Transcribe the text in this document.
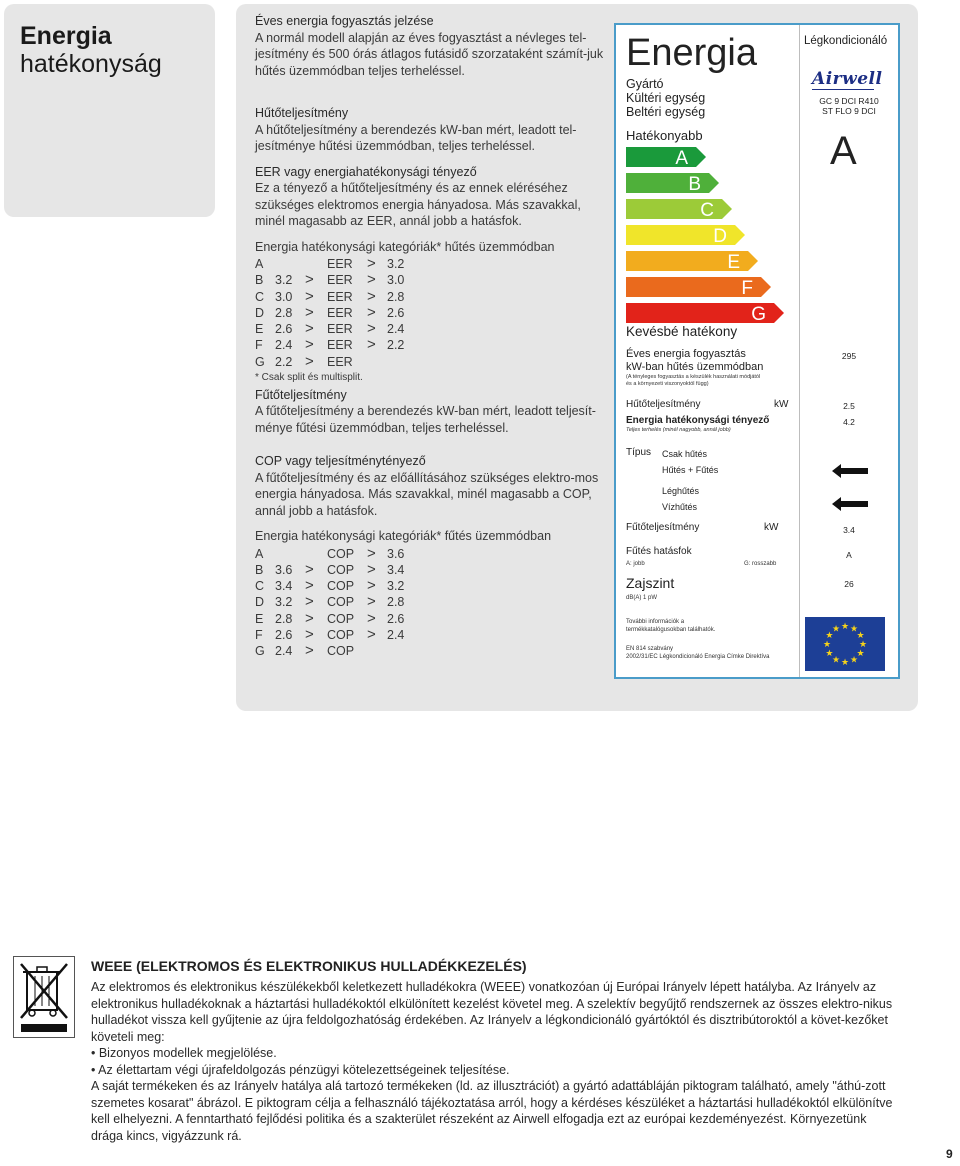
Energia
hatékonyság

Éves energia fogyasztás jelzése

A normál modell alapján az éves fogyasztást a névleges tel-jesítmény és 500 órás átlagos futásidő szorzataként számít-juk hűtés üzemmódban teljes terheléssel.

Hűtőteljesítmény

A hűtőteljesítmény a berendezés kW-ban mért, leadott tel-jesítménye hűtési üzemmódban, teljes terheléssel.

EER vagy energiahatékonysági tényező

Ez a tényező a hűtőteljesítmény és az ennek eléréséhez szükséges elektromos energia hányadosa. Más szavakkal, minél magasabb az EER, annál jobb a hatásfok.

Energia hatékonysági kategóriák* hűtés üzemmódban

A	EER > 3.2
B 3.2 >	EER > 3.0
C 3.0 >	EER > 2.8
D 2.8 >	EER > 2.6
E 2.6 >	EER > 2.4
F 2.4 >	EER > 2.2
G 2.2 >	EER

* Csak split és multisplit.

Fűtőteljesítmény

A fűtőteljesítmény a berendezés kW-ban mért, leadott teljesít-ménye fűtési üzemmódban, teljes terheléssel.

COP vagy teljesítménytényező

A fűtőteljesítmény és az előállításához szükséges elektro-mos energia hányadosa. Más szavakkal, minél magasabb a COP, annál jobb a hatásfok.

Energia hatékonysági kategóriák* fűtés üzemmódban

A	COP > 3.6
B 3.6 >	COP > 3.4
C 3.4 >	COP > 3.2
D 3.2 >	COP > 2.8
E 2.8 >	COP > 2.6
F 2.6 >	COP > 2.4
G 2.4 >	COP
Energia	Légkondicionáló
Gyártó
Kültéri egység
Beltéri egység
Airwell
GC 9 DCI R410
ST FLO 9 DCI
Hatékonyabb
A
B
C
D
E
F
G
A
Kevésbé hatékony
Éves energia fogyasztás
kW-ban hűtés üzemmódban
(A tényleges fogyasztás a készülék használati módjától
és a környezeti viszonyoktól függ)
295
Hűtőteljesítmény	kW	2.5
Energia hatékonysági tényező
Teljes terhelés (minél nagyobb, annál jobb)
4.2
Típus Csak hűtés
Hűtés + Fűtés
Léghűtés
Vízhűtés
Fűtőteljesítmény	kW	3.4
Fűtés hatásfok
A: jobb	G: rosszabb
A
Zajszint
dB(A) 1 pW
26
További információk a
termékkatalógusokban találhatók.
EN 814 szabvány
2002/31/EC Légkondicionáló Energia Címke Direktíva
★
★
★
★
★
★
★
★
★ ★ ★
★
WEEE (ELEKTROMOS ÉS ELEKTRONIKUS HULLADÉKKEZELÉS)

Az elektromos és elektronikus készülékekből keletkezett hulladékokra (WEEE) vonatkozóan új Európai Irányelv lépett hatályba. Az Irányelv az elektronikus hulladékoknak a háztartási hulladékoktól elkülönített kezelést követel meg. A szelektív begyűjtő rendszernek az összes elektro-nikus hulladékot vissza kell gyűjtenie az újra feldolgozhatóság érdekében. Az Irányelv a légkondicionáló gyártóktól és disztribútoroktól a követ-kezőket követeli meg:

• Bizonyos modellek megjelölése.

• Az élettartam végi újrafeldolgozás pénzügyi kötelezettségeinek teljesítése.

A saját termékeken és az Irányelv hatálya alá tartozó termékeken (ld. az illusztrációt) a gyártó adattábláján piktogram található, amely "áthú-zott szemetes kosarat" ábrázol. E piktogram célja a felhasználó tájékoztatása arról, hogy a kérdéses készüléket a háztartási hulladékoktól elkülönítve kell elhelyezni. A fenntartható fejlődési politika és a szakterület részeként az Airwell elfogadja ezt az európai kezdeményezést. Környezetünk drága kincs, vigyázzunk rá.

9
